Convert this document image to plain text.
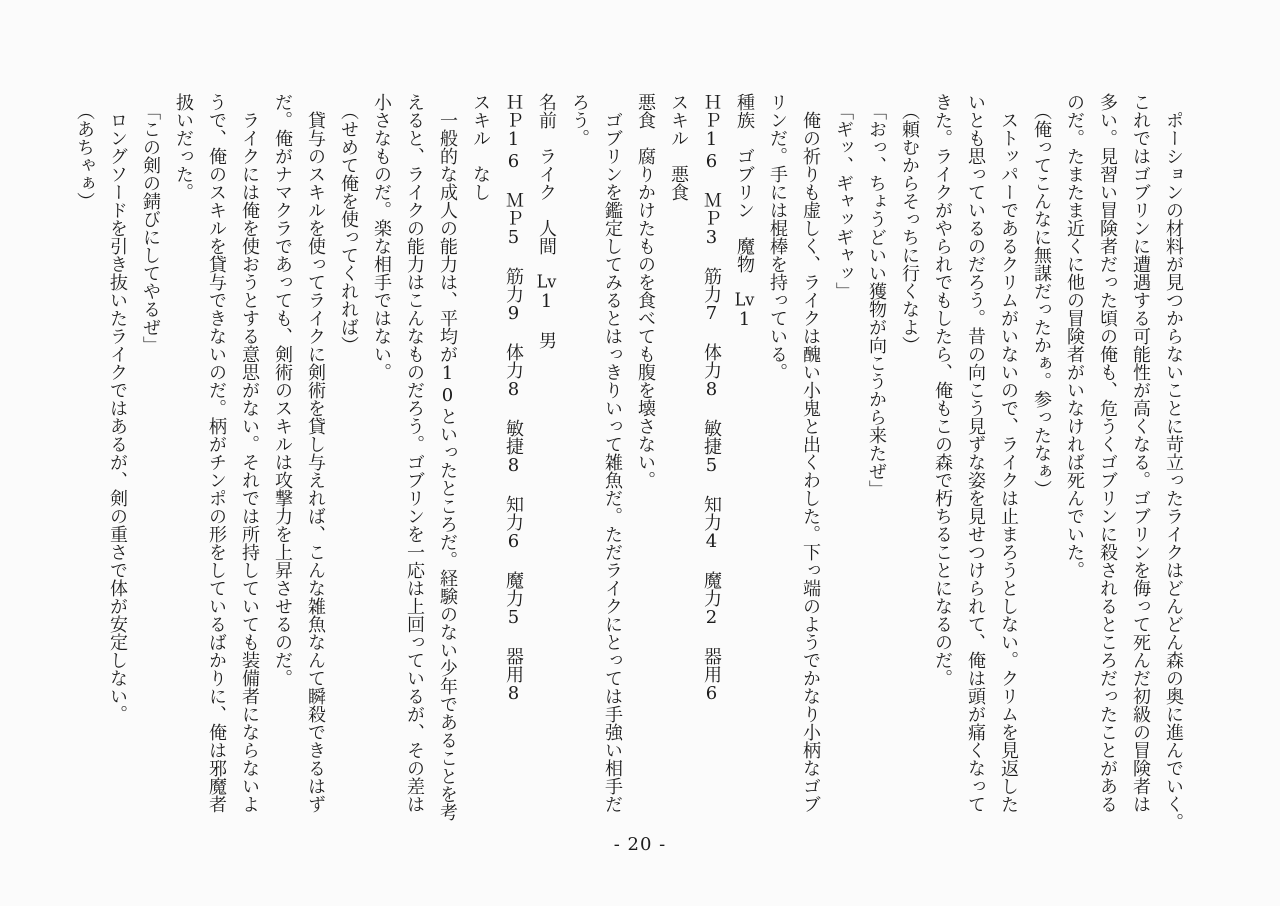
　ポーションの材料が見つからないことに苛立ったライクはどんどん森の奥に進んでいく。
これではゴブリンに遭遇する可能性が高くなる。ゴブリンを侮って死んだ初級の冒険者は
多い。見習い冒険者だった頃の俺も、危うくゴブリンに殺されるところだったことがある
のだ。たまたま近くに他の冒険者がいなければ死んでいた。
　（俺ってこんなに無謀だったかぁ。参ったなぁ）
　ストッパーであるクリムがいないので、ライクは止まろうとしない。クリムを見返した
いとも思っているのだろう。昔の向こう見ずな姿を見せつけられて、俺は頭が痛くなって
きた。ライクがやられでもしたら、俺もこの森で朽ちることになるのだ。
　（頼むからそっちに行くなよ）
　「おっ、ちょうどいい獲物が向こうから来たぜ」
　「ギッ、ギャッギャッ」
　俺の祈りも虚しく、ライクは醜い小鬼と出くわした。下っ端のようでかなり小柄なゴブ
リンだ。手には棍棒を持っている。
種族　ゴブリン　魔物　Lv1
ＨＰ16　ＭＰ3　筋力7　体力8　敏捷5　知力4　魔力2　器用6
スキル　悪食
悪食　腐りかけたものを食べても腹を壊さない。
　ゴブリンを鑑定してみるとはっきりいって雑魚だ。ただライクにとっては手強い相手だ
ろう。
名前　ライク　人間　Lv1　男
ＨＰ16　ＭＰ5　筋力9　体力8　敏捷8　知力6　魔力5　器用8
スキル　なし
　一般的な成人の能力は、平均が10といったところだ。経験のない少年であることを考
えると、ライクの能力はこんなものだろう。ゴブリンを一応は上回っているが、その差は
小さなものだ。楽な相手ではない。
　（せめて俺を使ってくれれば）
　貸与のスキルを使ってライクに剣術を貸し与えれば、こんな雑魚なんて瞬殺できるはず
だ。俺がナマクラであっても、剣術のスキルは攻撃力を上昇させるのだ。
　ライクには俺を使おうとする意思がない。それでは所持していても装備者にならないよ
うで、俺のスキルを貸与できないのだ。柄がチンポの形をしているばかりに、俺は邪魔者
扱いだった。
　「この剣の錆びにしてやるぜ」
　ロングソードを引き抜いたライクではあるが、剣の重さで体が安定しない。
　（あちゃぁ）
- 20 -
